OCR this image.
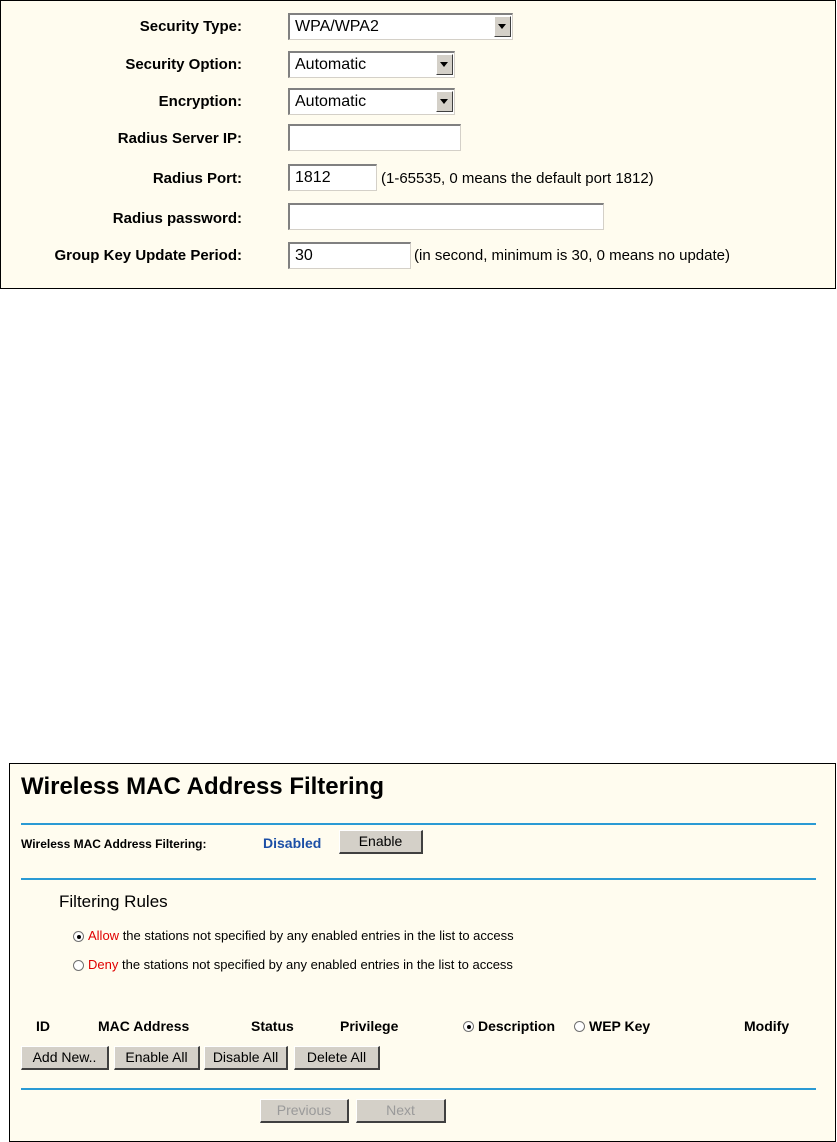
Security Type:	WPA/WPA2
Security Option:	Automatic
Encryption:	Automatic
Radius Server IP:
Radius Port:	1812	(1-65535, 0 means the default port 1812)
Radius password:
Group Key Update Period:	30	(in second, minimum is 30, 0 means no update)
Wireless MAC Address Filtering
Wireless MAC Address Filtering:	Disabled	Enable
Filtering Rules
Allow the stations not specified by any enabled entries in the list to access
Deny the stations not specified by any enabled entries in the list to access
ID	MAC Address	Status	Privilege	Description WEP Key	Modify
Add New..	Enable All	Disable All	Delete All
Previous	Next
